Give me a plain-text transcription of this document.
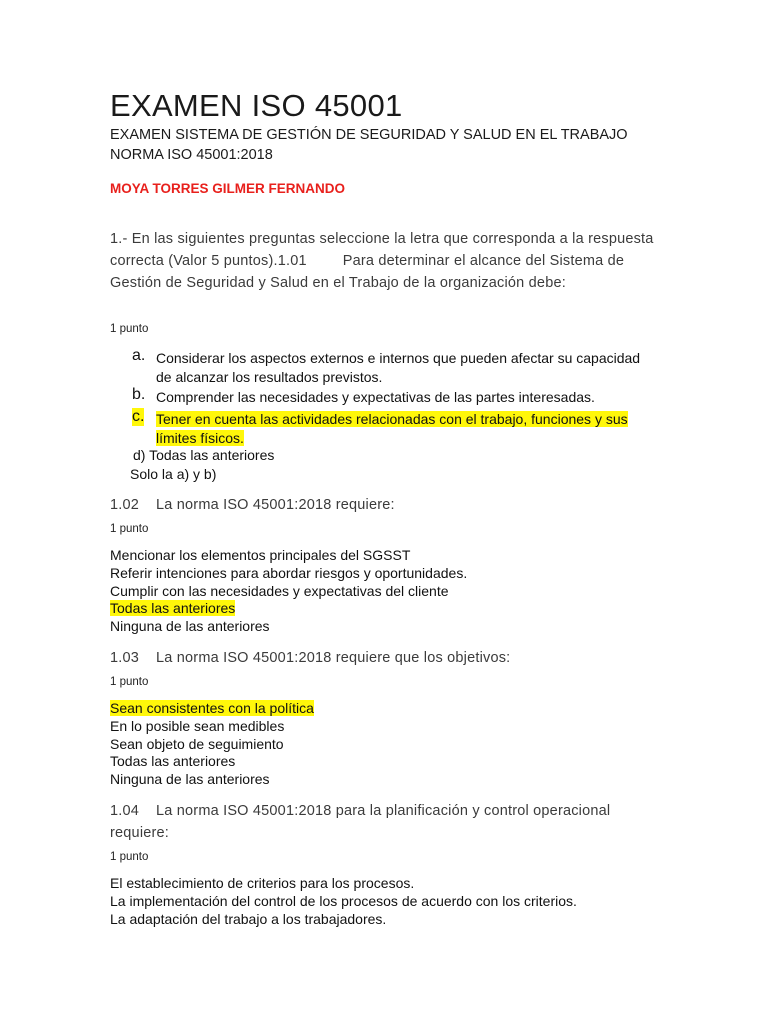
EXAMEN ISO 45001
EXAMEN SISTEMA DE GESTIÓN DE SEGURIDAD Y SALUD EN EL TRABAJO
NORMA ISO 45001:2018
MOYA TORRES GILMER FERNANDO
1.- En las siguientes preguntas seleccione la letra que corresponda a la respuesta correcta (Valor 5 puntos).1.01 Para determinar el alcance del Sistema de Gestión de Seguridad y Salud en el Trabajo de la organización debe:
1 punto
a. Considerar los aspectos externos e internos que pueden afectar su capacidad de alcanzar los resultados previstos.
b. Comprender las necesidades y expectativas de las partes interesadas.
c. Tener en cuenta las actividades relacionadas con el trabajo, funciones y sus límites físicos.
d) Todas las anteriores
Solo la a) y b)
1.02 La norma ISO 45001:2018 requiere:
1 punto
Mencionar los elementos principales del SGSST
Referir intenciones para abordar riesgos y oportunidades.
Cumplir con las necesidades y expectativas del cliente
Todas las anteriores
Ninguna de las anteriores
1.03 La norma ISO 45001:2018 requiere que los objetivos:
1 punto
Sean consistentes con la política
En lo posible sean medibles
Sean objeto de seguimiento
Todas las anteriores
Ninguna de las anteriores
1.04 La norma ISO 45001:2018 para la planificación y control operacional requiere:
1 punto
El establecimiento de criterios para los procesos.
La implementación del control de los procesos de acuerdo con los criterios.
La adaptación del trabajo a los trabajadores.
